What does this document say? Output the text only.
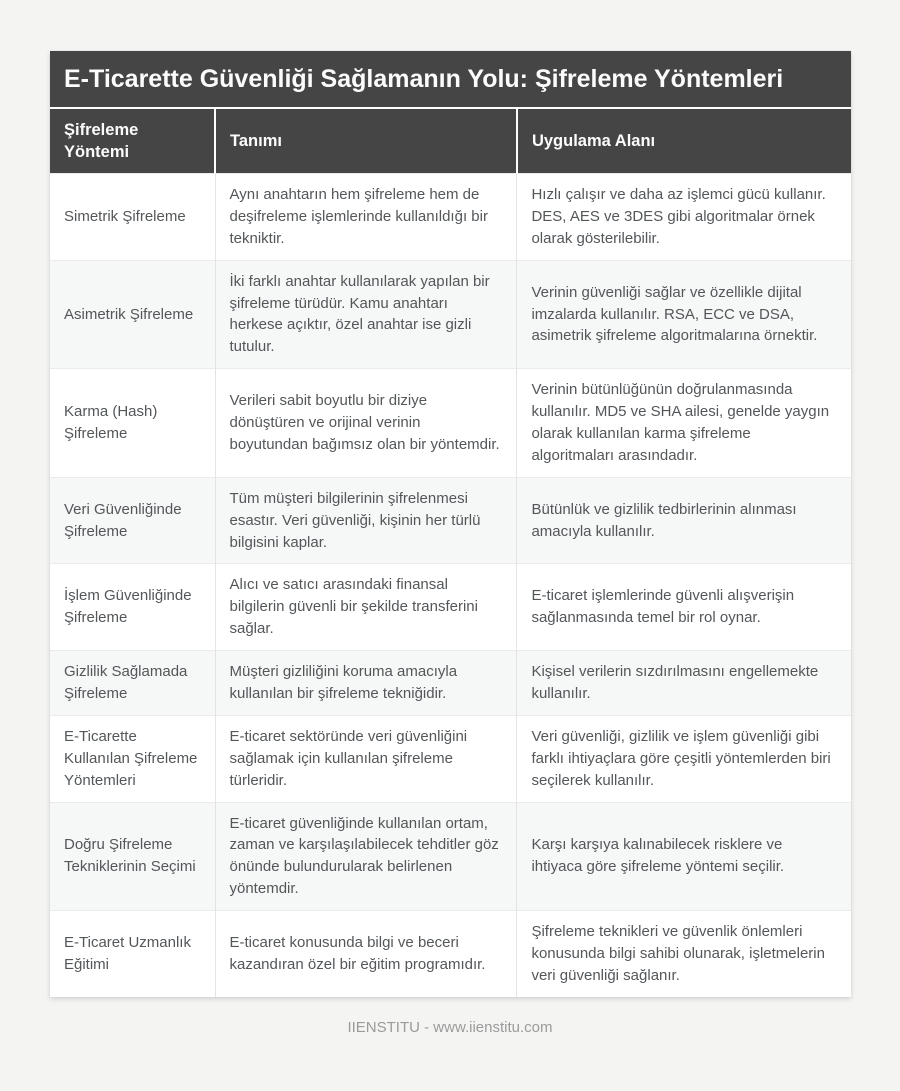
E-Ticarette Güvenliği Sağlamanın Yolu: Şifreleme Yöntemleri
Şifreleme Yöntemi	Tanımı	Uygulama Alanı
Simetrik Şifreleme	Aynı anahtarın hem şifreleme hem de deşifreleme işlemlerinde kullanıldığı bir tekniktir.	Hızlı çalışır ve daha az işlemci gücü kullanır. DES, AES ve 3DES gibi algoritmalar örnek olarak gösterilebilir.
Asimetrik Şifreleme	İki farklı anahtar kullanılarak yapılan bir şifreleme türüdür. Kamu anahtarı herkese açıktır, özel anahtar ise gizli tutulur.	Verinin güvenliği sağlar ve özellikle dijital imzalarda kullanılır. RSA, ECC ve DSA, asimetrik şifreleme algoritmalarına örnektir.
Karma (Hash) Şifreleme	Verileri sabit boyutlu bir diziye dönüştüren ve orijinal verinin boyutundan bağımsız olan bir yöntemdir.	Verinin bütünlüğünün doğrulanmasında kullanılır. MD5 ve SHA ailesi, genelde yaygın olarak kullanılan karma şifreleme algoritmaları arasındadır.
Veri Güvenliğinde Şifreleme	Tüm müşteri bilgilerinin şifrelenmesi esastır. Veri güvenliği, kişinin her türlü bilgisini kaplar.	Bütünlük ve gizlilik tedbirlerinin alınması amacıyla kullanılır.
İşlem Güvenliğinde Şifreleme	Alıcı ve satıcı arasındaki finansal bilgilerin güvenli bir şekilde transferini sağlar.	E-ticaret işlemlerinde güvenli alışverişin sağlanmasında temel bir rol oynar.
Gizlilik Sağlamada Şifreleme	Müşteri gizliliğini koruma amacıyla kullanılan bir şifreleme tekniğidir.	Kişisel verilerin sızdırılmasını engellemekte kullanılır.
E-Ticarette Kullanılan Şifreleme Yöntemleri	E-ticaret sektöründe veri güvenliğini sağlamak için kullanılan şifreleme türleridir.	Veri güvenliği, gizlilik ve işlem güvenliği gibi farklı ihtiyaçlara göre çeşitli yöntemlerden biri seçilerek kullanılır.
Doğru Şifreleme Tekniklerinin Seçimi	E-ticaret güvenliğinde kullanılan ortam, zaman ve karşılaşılabilecek tehditler göz önünde bulundurularak belirlenen yöntemdir.	Karşı karşıya kalınabilecek risklere ve ihtiyaca göre şifreleme yöntemi seçilir.
E-Ticaret Uzmanlık Eğitimi	E-ticaret konusunda bilgi ve beceri kazandıran özel bir eğitim programıdır.	Şifreleme teknikleri ve güvenlik önlemleri konusunda bilgi sahibi olunarak, işletmelerin veri güvenliği sağlanır.
IIENSTITU - www.iienstitu.com
